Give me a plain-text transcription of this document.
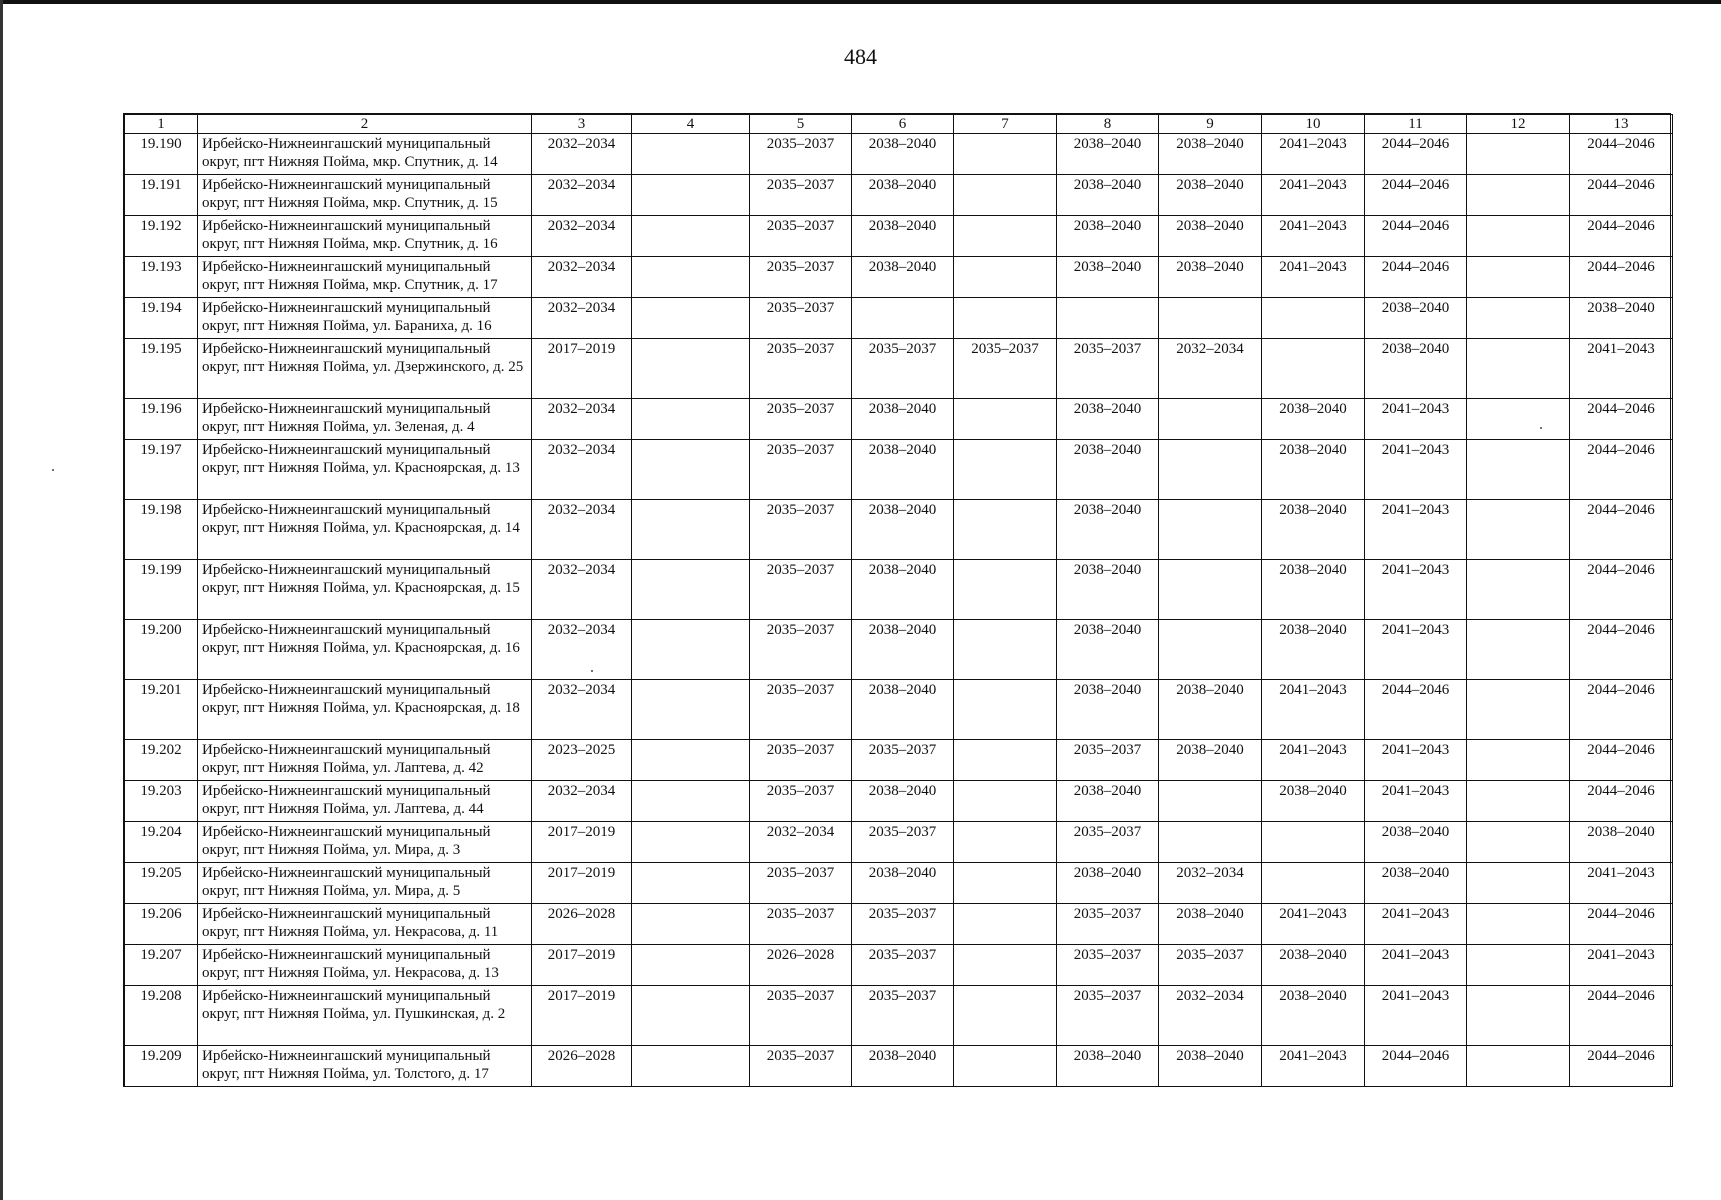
484
1	2	3	4	5	6	7	8	9	10	11	12	13
19.190	Ирбейско-Нижнеингашский муниципальный округ, пгт Нижняя Пойма, мкр. Спутник, д. 14	2032–2034		2035–2037	2038–2040		2038–2040	2038–2040	2041–2043	2044–2046		2044–2046
19.191	Ирбейско-Нижнеингашский муниципальный округ, пгт Нижняя Пойма, мкр. Спутник, д. 15	2032–2034		2035–2037	2038–2040		2038–2040	2038–2040	2041–2043	2044–2046		2044–2046
19.192	Ирбейско-Нижнеингашский муниципальный округ, пгт Нижняя Пойма, мкр. Спутник, д. 16	2032–2034		2035–2037	2038–2040		2038–2040	2038–2040	2041–2043	2044–2046		2044–2046
19.193	Ирбейско-Нижнеингашский муниципальный округ, пгт Нижняя Пойма, мкр. Спутник, д. 17	2032–2034		2035–2037	2038–2040		2038–2040	2038–2040	2041–2043	2044–2046		2044–2046
19.194	Ирбейско-Нижнеингашский муниципальный округ, пгт Нижняя Пойма, ул. Бараниха, д. 16	2032–2034		2035–2037						2038–2040		2038–2040
19.195	Ирбейско-Нижнеингашский муниципальный округ, пгт Нижняя Пойма, ул. Дзержинского, д. 25	2017–2019		2035–2037	2035–2037	2035–2037	2035–2037	2032–2034		2038–2040		2041–2043
19.196	Ирбейско-Нижнеингашский муниципальный округ, пгт Нижняя Пойма, ул. Зеленая, д. 4	2032–2034		2035–2037	2038–2040		2038–2040		2038–2040	2041–2043		2044–2046
19.197	Ирбейско-Нижнеингашский муниципальный округ, пгт Нижняя Пойма, ул. Красноярская, д. 13	2032–2034		2035–2037	2038–2040		2038–2040		2038–2040	2041–2043		2044–2046
19.198	Ирбейско-Нижнеингашский муниципальный округ, пгт Нижняя Пойма, ул. Красноярская, д. 14	2032–2034		2035–2037	2038–2040		2038–2040		2038–2040	2041–2043		2044–2046
19.199	Ирбейско-Нижнеингашский муниципальный округ, пгт Нижняя Пойма, ул. Красноярская, д. 15	2032–2034		2035–2037	2038–2040		2038–2040		2038–2040	2041–2043		2044–2046
19.200	Ирбейско-Нижнеингашский муниципальный округ, пгт Нижняя Пойма, ул. Красноярская, д. 16	2032–2034		2035–2037	2038–2040		2038–2040		2038–2040	2041–2043		2044–2046
19.201	Ирбейско-Нижнеингашский муниципальный округ, пгт Нижняя Пойма, ул. Красноярская, д. 18	2032–2034		2035–2037	2038–2040		2038–2040	2038–2040	2041–2043	2044–2046		2044–2046
19.202	Ирбейско-Нижнеингашский муниципальный округ, пгт Нижняя Пойма, ул. Лаптева, д. 42	2023–2025		2035–2037	2035–2037		2035–2037	2038–2040	2041–2043	2041–2043		2044–2046
19.203	Ирбейско-Нижнеингашский муниципальный округ, пгт Нижняя Пойма, ул. Лаптева, д. 44	2032–2034		2035–2037	2038–2040		2038–2040		2038–2040	2041–2043		2044–2046
19.204	Ирбейско-Нижнеингашский муниципальный округ, пгт Нижняя Пойма, ул. Мира, д. 3	2017–2019		2032–2034	2035–2037		2035–2037			2038–2040		2038–2040
19.205	Ирбейско-Нижнеингашский муниципальный округ, пгт Нижняя Пойма, ул. Мира, д. 5	2017–2019		2035–2037	2038–2040		2038–2040	2032–2034		2038–2040		2041–2043
19.206	Ирбейско-Нижнеингашский муниципальный округ, пгт Нижняя Пойма, ул. Некрасова, д. 11	2026–2028		2035–2037	2035–2037		2035–2037	2038–2040	2041–2043	2041–2043		2044–2046
19.207	Ирбейско-Нижнеингашский муниципальный округ, пгт Нижняя Пойма, ул. Некрасова, д. 13	2017–2019		2026–2028	2035–2037		2035–2037	2035–2037	2038–2040	2041–2043		2041–2043
19.208	Ирбейско-Нижнеингашский муниципальный округ, пгт Нижняя Пойма, ул. Пушкинская, д. 2	2017–2019		2035–2037	2035–2037		2035–2037	2032–2034	2038–2040	2041–2043		2044–2046
19.209	Ирбейско-Нижнеингашский муниципальный округ, пгт Нижняя Пойма, ул. Толстого, д. 17	2026–2028		2035–2037	2038–2040		2038–2040	2038–2040	2041–2043	2044–2046		2044–2046
